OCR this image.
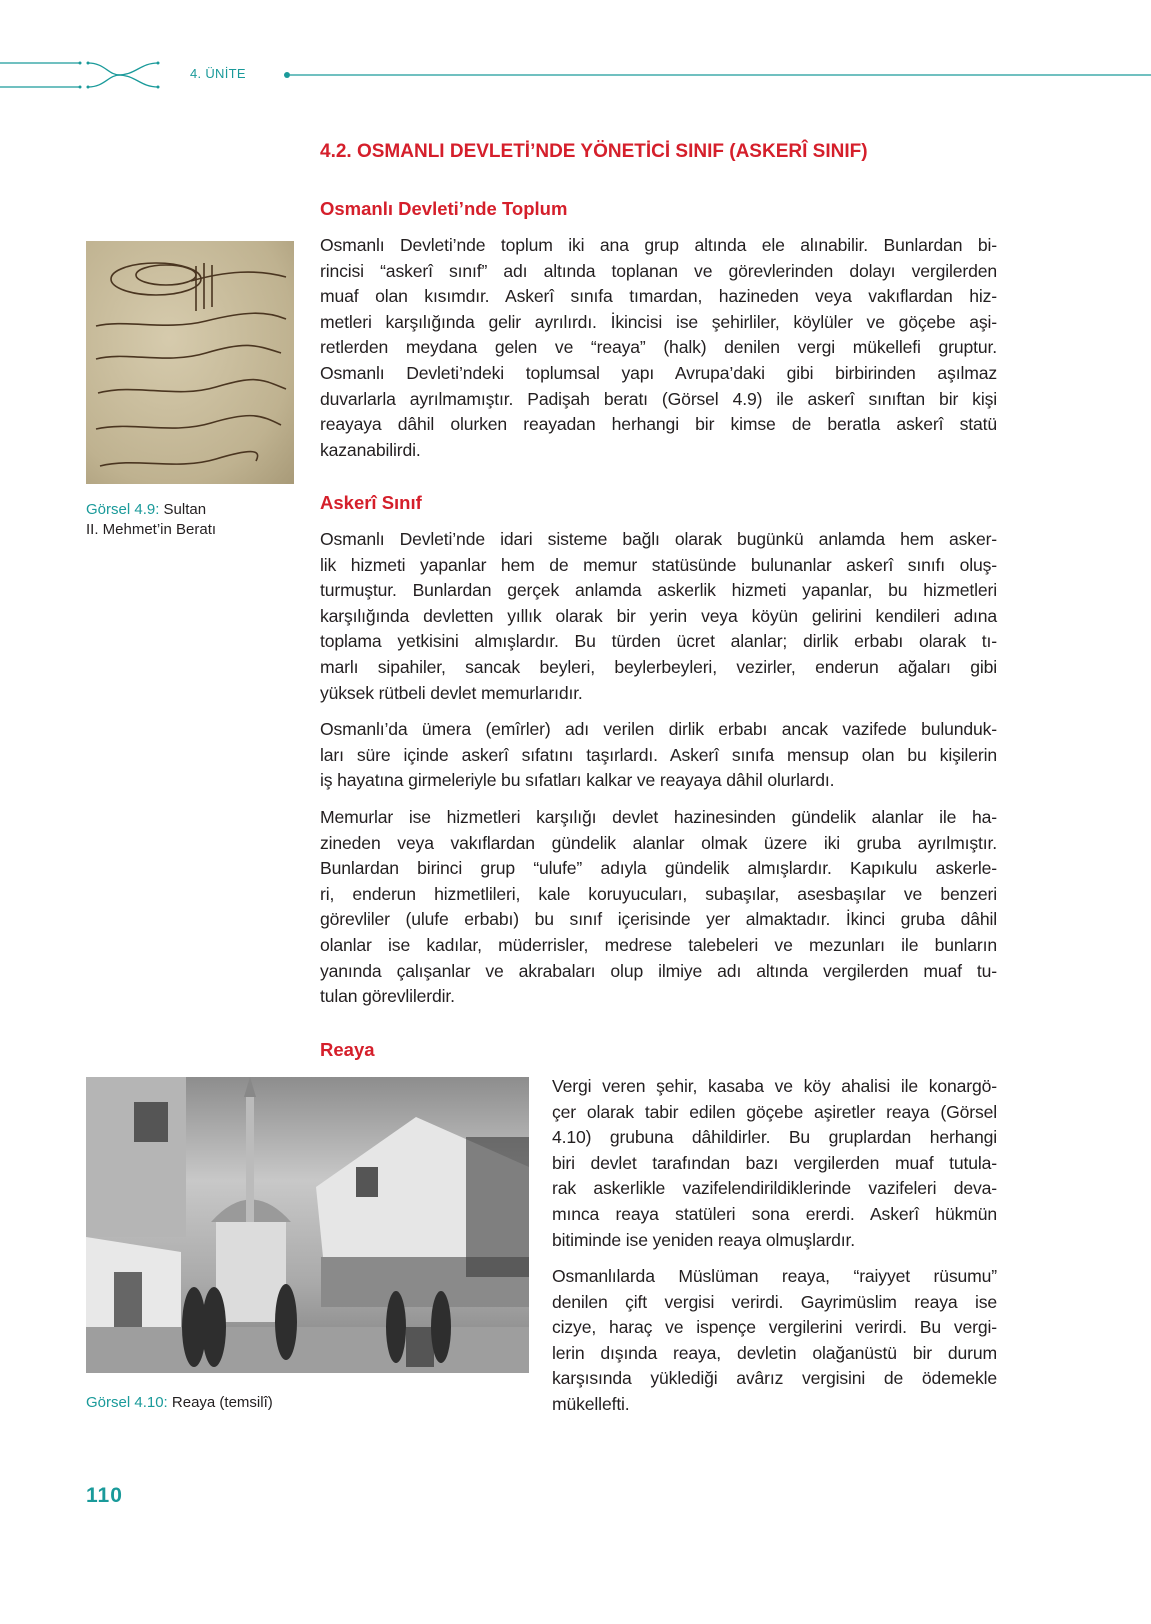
4. ÜNİTE
4.2. OSMANLI DEVLETİ’NDE YÖNETİCİ SINIF (ASKERÎ SINIF)
Osmanlı Devleti’nde Toplum
Osmanlı Devleti’nde toplum iki ana grup altında ele alınabilir. Bunlardan bi-
rincisi “askerî sınıf” adı altında toplanan ve görevlerinden dolayı vergilerden
muaf olan kısımdır. Askerî sınıfa tımardan, hazineden veya vakıflardan hiz-
metleri karşılığında gelir ayrılırdı. İkincisi ise şehirliler, köylüler ve göçebe aşi-
retlerden meydana gelen ve “reaya” (halk) denilen vergi mükellefi gruptur.
Osmanlı Devleti’ndeki toplumsal yapı Avrupa’daki gibi birbirinden aşılmaz
duvarlarla ayrılmamıştır. Padişah beratı (Görsel 4.9) ile askerî sınıftan bir kişi
reayaya dâhil olurken reayadan herhangi bir kimse de beratla askerî statü
kazanabilirdi.
Askerî Sınıf
Osmanlı Devleti’nde idari sisteme bağlı olarak bugünkü anlamda hem asker-
lik hizmeti yapanlar hem de memur statüsünde bulunanlar askerî sınıfı oluş-
turmuştur. Bunlardan gerçek anlamda askerlik hizmeti yapanlar, bu hizmetleri
karşılığında devletten yıllık olarak bir yerin veya köyün gelirini kendileri adına
toplama yetkisini almışlardır. Bu türden ücret alanlar; dirlik erbabı olarak tı-
marlı sipahiler, sancak beyleri, beylerbeyleri, vezirler, enderun ağaları gibi
yüksek rütbeli devlet memurlarıdır.
Osmanlı’da ümera (emîrler) adı verilen dirlik erbabı ancak vazifede bulunduk-
ları süre içinde askerî sıfatını taşırlardı. Askerî sınıfa mensup olan bu kişilerin
iş hayatına girmeleriyle bu sıfatları kalkar ve reayaya dâhil olurlardı.
Memurlar ise hizmetleri karşılığı devlet hazinesinden gündelik alanlar ile ha-
zineden veya vakıflardan gündelik alanlar olmak üzere iki gruba ayrılmıştır.
Bunlardan birinci grup “ulufe” adıyla gündelik almışlardır. Kapıkulu askerle-
ri, enderun hizmetlileri, kale koruyucuları, subaşılar, asesbaşılar ve benzeri
görevliler (ulufe erbabı) bu sınıf içerisinde yer almaktadır. İkinci gruba dâhil
olanlar ise kadılar, müderrisler, medrese talebeleri ve mezunları ile bunların
yanında çalışanlar ve akrabaları olup ilmiye adı altında vergilerden muaf tu-
tulan görevlilerdir.
Reaya
Vergi veren şehir, kasaba ve köy ahalisi ile konargö-
çer olarak tabir edilen göçebe aşiretler reaya (Görsel
4.10) grubuna dâhildirler. Bu gruplardan herhangi
biri devlet tarafından bazı vergilerden muaf tutula-
rak askerlikle vazifelendirildiklerinde vazifeleri deva-
mınca reaya statüleri sona ererdi. Askerî hükmün
bitiminde ise yeniden reaya olmuşlardır.
Osmanlılarda Müslüman reaya, “raiyyet rüsumu”
denilen çift vergisi verirdi. Gayrimüslim reaya ise
cizye, haraç ve ispençe vergilerini verirdi. Bu vergi-
lerin dışında reaya, devletin olağanüstü bir durum
karşısında yüklediği avârız vergisini de ödemekle
mükellefti.
Görsel 4.9: Sultan
II. Mehmet’in Beratı
Görsel 4.10: Reaya (temsilî)
110
